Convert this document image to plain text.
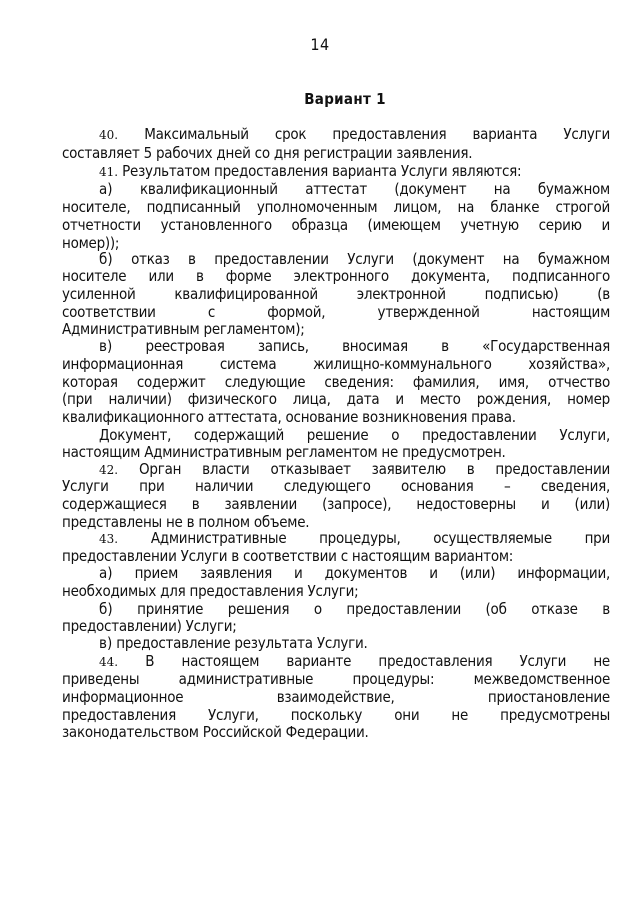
14
Вариант 1
40. Максимальный срок предоставления варианта Услуги
составляет 5 рабочих дней со дня регистрации заявления.
41. Результатом предоставления варианта Услуги являются:
а) квалификационный аттестат (документ на бумажном
носителе, подписанный уполномоченным лицом, на бланке строгой
отчетности установленного образца (имеющем учетную серию и
номер));
б) отказ в предоставлении Услуги (документ на бумажном
носителе или в форме электронного документа, подписанного
усиленной квалифицированной электронной подписью) (в
соответствии с формой, утвержденной настоящим
Административным регламентом);
в) реестровая запись, вносимая в «Государственная
информационная система жилищно-коммунального хозяйства»,
которая содержит следующие сведения: фамилия, имя, отчество
(при наличии) физического лица, дата и место рождения, номер
квалификационного аттестата, основание возникновения права.
Документ, содержащий решение о предоставлении Услуги,
настоящим Административным регламентом не предусмотрен.
42. Орган власти отказывает заявителю в предоставлении
Услуги при наличии следующего основания – сведения,
содержащиеся в заявлении (запросе), недостоверны и (или)
представлены не в полном объеме.
43. Административные процедуры, осуществляемые при
предоставлении Услуги в соответствии с настоящим вариантом:
а) прием заявления и документов и (или) информации,
необходимых для предоставления Услуги;
б) принятие решения о предоставлении (об отказе в
предоставлении) Услуги;
в) предоставление результата Услуги.
44. В настоящем варианте предоставления Услуги не
приведены административные процедуры: межведомственное
информационное взаимодействие, приостановление
предоставления Услуги, поскольку они не предусмотрены
законодательством Российской Федерации.
